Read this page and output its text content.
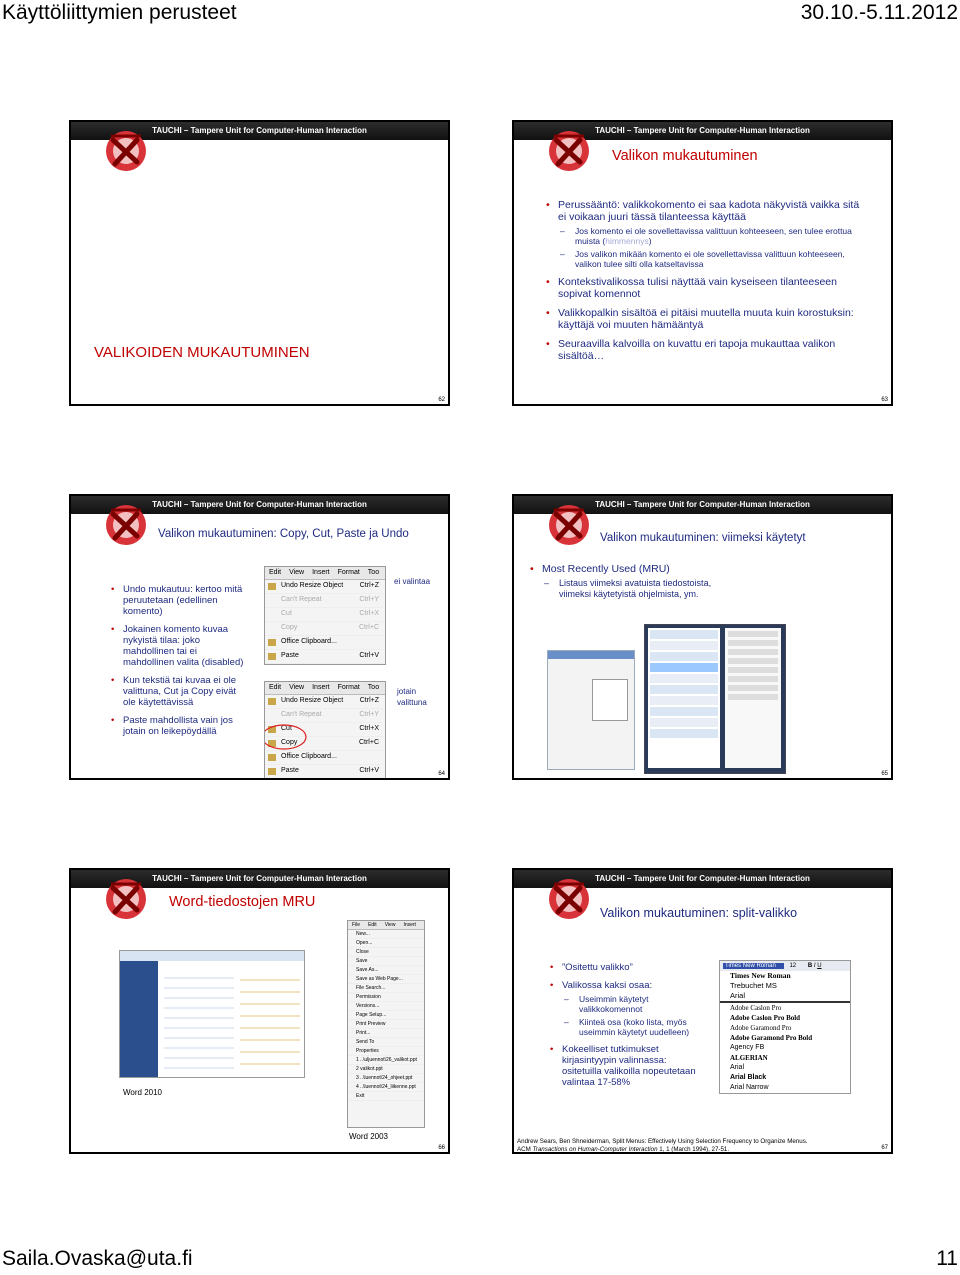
Käyttöliittymien perusteet	30.10.-5.11.2012
TAUCHI – Tampere Unit for Computer-Human Interaction
VALIKOIDEN MUKAUTUMINEN
62
TAUCHI – Tampere Unit for Computer-Human Interaction
Valikon mukautuminen
• Perussääntö: valikkokomento ei saa kadota näkyvistä vaikka sitä ei voikaan juuri tässä tilanteessa käyttää
– Jos komento ei ole sovellettavissa valittuun kohteeseen, sen tulee erottua muista (himmennys)
– Jos valikon mikään komento ei ole sovellettavissa valittuun kohteeseen, valikon tulee silti olla katseltavissa
• Kontekstivalikossa tulisi näyttää vain kyseiseen tilanteeseen sopivat komennot
• Valikkopalkin sisältöä ei pitäisi muutella muuta kuin korostuksin: käyttäjä voi muuten hämääntyä
• Seuraavilla kalvoilla on kuvattu eri tapoja mukauttaa valikon sisältöä…
63
TAUCHI – Tampere Unit for Computer-Human Interaction
Valikon mukautuminen: Copy, Cut, Paste ja Undo
• Undo mukautuu: kertoo mitä peruutetaan (edellinen komento)
• Jokainen komento kuvaa nykyistä tilaa: joko mahdollinen tai ei mahdollinen valita (disabled)
• Kun tekstiä tai kuvaa ei ole valittuna, Cut ja Copy eivät ole käytettävissä
• Paste mahdollista vain jos jotain on leikepöydällä
Edit View Insert Format Too
Undo Resize Object Ctrl+Z
Can't Repeat	Ctrl+Y
Cut	Ctrl+X
Copy	Ctrl+C
Office Clipboard...
Paste	Ctrl+V
ei valintaa
Edit View Insert Format Too
Undo Resize Object Ctrl+Z
Can't Repeat	Ctrl+Y
Cut	Ctrl+X
Copy	Ctrl+C
Office Clipboard...
Paste	Ctrl+V
jotain valittuna
64
TAUCHI – Tampere Unit for Computer-Human Interaction
Valikon mukautuminen: viimeksi käytetyt
• Most Recently Used (MRU)
– Listaus viimeksi avatuista tiedostoista, viimeksi käytetyistä ohjelmista, ym.
65
TAUCHI – Tampere Unit for Computer-Human Interaction
Word-tiedostojen MRU
Word 2010
File Edit View Insert
New...
Open...
Close
Save
Save As...
Save as Web Page...
File Search...
Permission
Versions...
Page Setup...
Print Preview
Print...
Send To
Properties
1 ..\uljuennot\26_valikot.ppt
2 valikot.ppt
3 ..\luennot\24_ohjeet.ppt
4 ..\luennot\24_liikenne.ppt
Exit
Word 2003
66
TAUCHI – Tampere Unit for Computer-Human Interaction
Valikon mukautuminen: split-valikko
• ”Ositettu valikko”
• Valikossa kaksi osaa:
– Useimmin käytetyt valikkokomennot
– Kiinteä osa (koko lista, myös useimmin käytetyt uudelleen)
• Kokeelliset tutkimukset kirjasintyypin valinnassa: ositetuilla valikoilla nopeutetaan valintaa 17-58%
Times New Roman 12 B I U
Times New Roman
Trebuchet MS
Arial
Adobe Caslon Pro
Adobe Caslon Pro Bold
Adobe Garamond Pro
Adobe Garamond Pro Bold
Agency FB
ALGERIAN
Arial
Arial Black
Arial Narrow
Andrew Sears, Ben Shneiderman, Split Menus: Effectively Using Selection Frequency to Organize Menus.
ACM Transactions on Human-Computer Interaction 1, 1 (March 1994), 27-51.	67
Saila.Ovaska@uta.fi	11
